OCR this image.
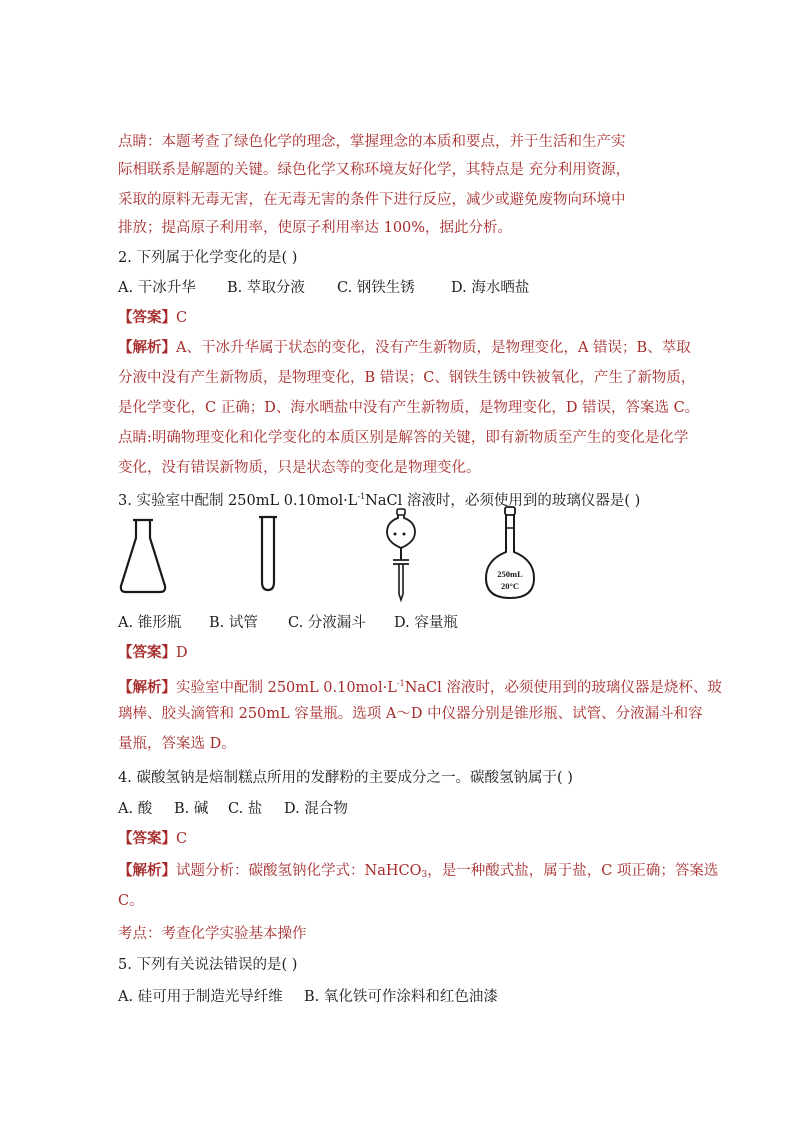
点睛：本题考查了绿色化学的理念，掌握理念的本质和要点，并于生活和生产实
际相联系是解题的关键。绿色化学又称环境友好化学，其特点是 充分利用资源，
采取的原料无毒无害，在无毒无害的条件下进行反应，减少或避免废物向环境中
排放；提高原子利用率，使原子利用率达 100%，据此分析。
2. 下列属于化学变化的是( )
A. 干冰升华 B. 萃取分液 C. 钢铁生锈 D. 海水晒盐
【答案】C
【解析】A、干冰升华属于状态的变化，没有产生新物质，是物理变化，A 错误；B、萃取
分液中没有产生新物质，是物理变化，B 错误；C、钢铁生锈中铁被氧化，产生了新物质，
是化学变化，C 正确；D、海水晒盐中没有产生新物质，是物理变化，D 错误，答案选 C。
点睛:明确物理变化和化学变化的本质区别是解答的关键，即有新物质至产生的变化是化学
变化，没有错误新物质，只是状态等的变化是物理变化。
3. 实验室中配制 250mL $0.10mol\cdot L^{-1}NaCl$ 溶液时，必须使用到的玻璃仪器是( )
250mL
20°C
A. 锥形瓶 B. 试管 C. 分液漏斗 D. 容量瓶
【答案】D
【解析】实验室中配制 250mL $0.10mol\cdot L^{-1}NaCl$ 溶液时，必须使用到的玻璃仪器是烧杯、玻
璃棒、胶头滴管和 250mL 容量瓶。选项 A～D 中仪器分别是锥形瓶、试管、分液漏斗和容
量瓶，答案选 D。
4. 碳酸氢钠是焙制糕点所用的发酵粉的主要成分之一。碳酸氢钠属于( )
A. 酸 B. 碱 C. 盐 D. 混合物
【答案】C
【解析】试题分析：碳酸氢钠化学式：NaHCO$_3$，是一种酸式盐，属于盐，C 项正确；答案选
C。
考点：考查化学实验基本操作
5. 下列有关说法错误的是( )
A. 硅可用于制造光导纤维 B. 氧化铁可作涂料和红色油漆
